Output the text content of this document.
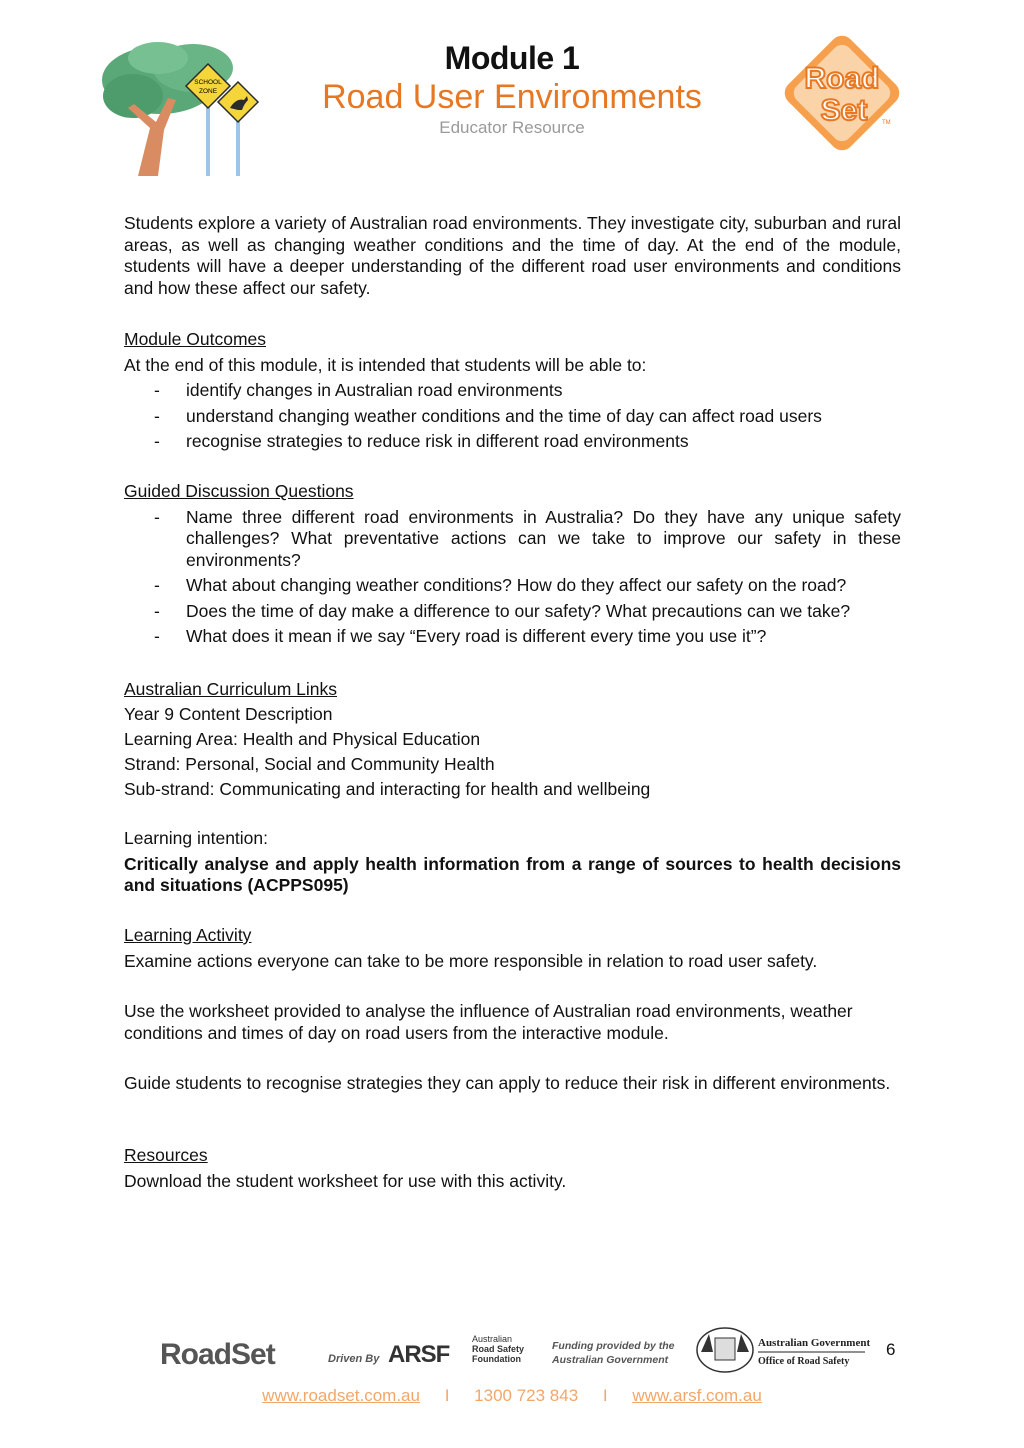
SCHOOL
ZONE
Module 1
Road User Environments
Educator Resource
Road
Set TM
Students explore a variety of Australian road environments. They investigate city, suburban and rural areas, as well as changing weather conditions and the time of day. At the end of the module, students will have a deeper understanding of the different road user environments and conditions and how these affect our safety.
Module Outcomes
At the end of this module, it is intended that students will be able to:
- identify changes in Australian road environments
- understand changing weather conditions and the time of day can affect road users
- recognise strategies to reduce risk in different road environments
Guided Discussion Questions
- Name three different road environments in Australia? Do they have any unique safety challenges? What preventative actions can we take to improve our safety in these environments?
- What about changing weather conditions? How do they affect our safety on the road?
- Does the time of day make a difference to our safety? What precautions can we take?
- What does it mean if we say “Every road is different every time you use it”?
Australian Curriculum Links
Year 9 Content Description
Learning Area: Health and Physical Education
Strand: Personal, Social and Community Health
Sub-strand: Communicating and interacting for health and wellbeing
Learning intention:
Critically analyse and apply health information from a range of sources to health decisions and situations (ACPPS095)
Learning Activity
Examine actions everyone can take to be more responsible in relation to road user safety.
Use the worksheet provided to analyse the influence of Australian road environments, weather conditions and times of day on road users from the interactive module.
Guide students to recognise strategies they can apply to reduce their risk in different environments.
Resources
Download the student worksheet for use with this activity.
RoadSet	Driven By ARSF
Australian
Road Safety
Foundation
Funding provided by the
Australian Government
Australian Government
Office of Road Safety
6
www.roadset.com.au I 1300 723 843 I www.arsf.com.au
